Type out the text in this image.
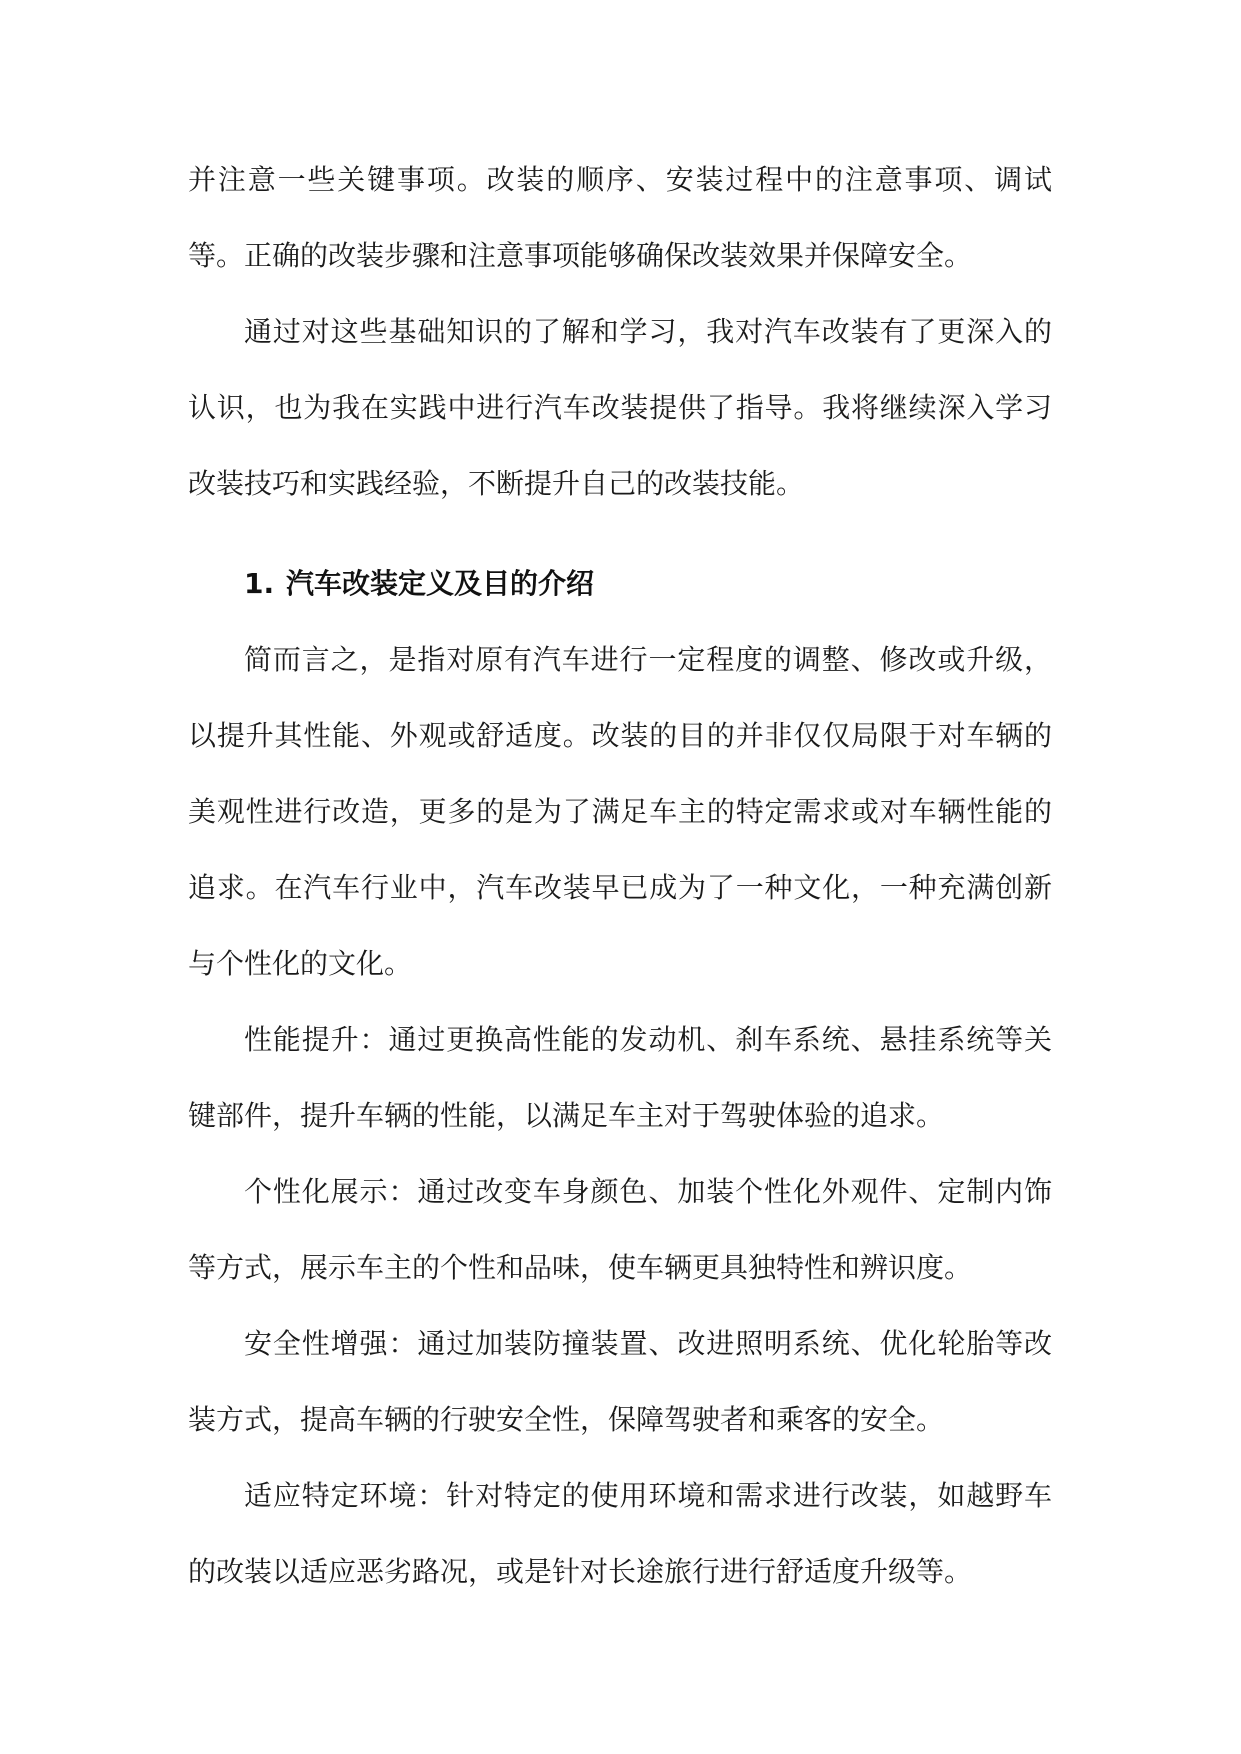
并注意一些关键事项。改装的顺序、安装过程中的注意事项、调试等。正确的改装步骤和注意事项能够确保改装效果并保障安全。

通过对这些基础知识的了解和学习，我对汽车改装有了更深入的认识，也为我在实践中进行汽车改装提供了指导。我将继续深入学习改装技巧和实践经验，不断提升自己的改装技能。

1. 汽车改装定义及目的介绍

简而言之，是指对原有汽车进行一定程度的调整、修改或升级，以提升其性能、外观或舒适度。改装的目的并非仅仅局限于对车辆的美观性进行改造，更多的是为了满足车主的特定需求或对车辆性能的追求。在汽车行业中，汽车改装早已成为了一种文化，一种充满创新与个性化的文化。

性能提升：通过更换高性能的发动机、刹车系统、悬挂系统等关键部件，提升车辆的性能，以满足车主对于驾驶体验的追求。

个性化展示：通过改变车身颜色、加装个性化外观件、定制内饰等方式，展示车主的个性和品味，使车辆更具独特性和辨识度。

安全性增强：通过加装防撞装置、改进照明系统、优化轮胎等改装方式，提高车辆的行驶安全性，保障驾驶者和乘客的安全。

适应特定环境：针对特定的使用环境和需求进行改装，如越野车的改装以适应恶劣路况，或是针对长途旅行进行舒适度升级等。
